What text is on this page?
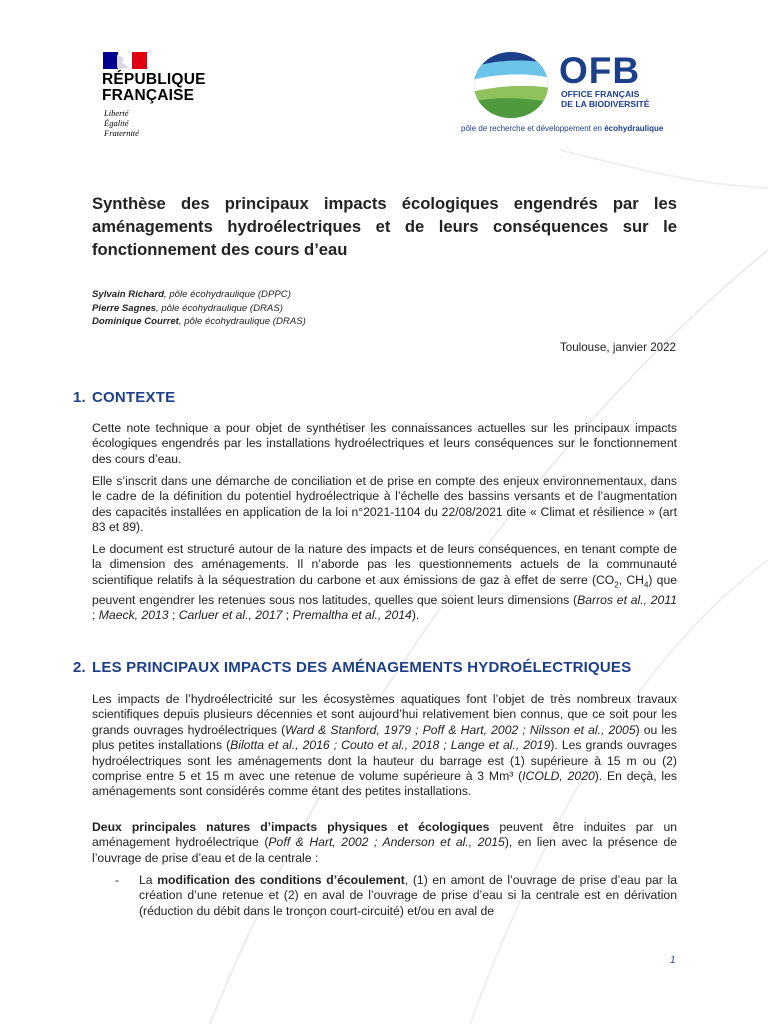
RÉPUBLIQUE
FRANÇAISE
Liberté
Égalité
Fraternité
OFB
OFFICE FRANÇAIS
DE LA BIODIVERSITÉ
pôle de recherche et développement en écohydraulique
Synthèse des principaux impacts écologiques engendrés par les aménagements hydroélectriques et de leurs conséquences sur le fonctionnement des cours d’eau
Sylvain Richard, pôle écohydraulique (DPPC)
Pierre Sagnes, pôle écohydraulique (DRAS)
Dominique Courret, pôle écohydraulique (DRAS)
Toulouse, janvier 2022
1. CONTEXTE
Cette note technique a pour objet de synthétiser les connaissances actuelles sur les principaux impacts écologiques engendrés par les installations hydroélectriques et leurs conséquences sur le fonctionnement des cours d’eau.
Elle s’inscrit dans une démarche de conciliation et de prise en compte des enjeux environnementaux, dans le cadre de la définition du potentiel hydroélectrique à l’échelle des bassins versants et de l’augmentation des capacités installées en application de la loi n°2021-1104 du 22/08/2021 dite « Climat et résilience » (art 83 et 89).
Le document est structuré autour de la nature des impacts et de leurs conséquences, en tenant compte de la dimension des aménagements. Il n’aborde pas les questionnements actuels de la communauté scientifique relatifs à la séquestration du carbone et aux émissions de gaz à effet de serre ($CO_2$, $CH_4$) que peuvent engendrer les retenues sous nos latitudes, quelles que soient leurs dimensions (Barros et al., 2011 ; Maeck, 2013 ; Carluer et al., 2017 ; Premaltha et al., 2014).
2. LES PRINCIPAUX IMPACTS DES AMÉNAGEMENTS HYDROÉLECTRIQUES
Les impacts de l’hydroélectricité sur les écosystèmes aquatiques font l’objet de très nombreux travaux scientifiques depuis plusieurs décennies et sont aujourd’hui relativement bien connus, que ce soit pour les grands ouvrages hydroélectriques (Ward & Stanford, 1979 ; Poff & Hart, 2002 ; Nilsson et al., 2005) ou les plus petites installations (Bilotta et al., 2016 ; Couto et al., 2018 ; Lange et al., 2019). Les grands ouvrages hydroélectriques sont les aménagements dont la hauteur du barrage est (1) supérieure à 15 m ou (2) comprise entre 5 et 15 m avec une retenue de volume supérieure à 3 Mm³ (ICOLD, 2020). En deçà, les aménagements sont considérés comme étant des petites installations.
Deux principales natures d’impacts physiques et écologiques peuvent être induites par un aménagement hydroélectrique (Poff & Hart, 2002 ; Anderson et al., 2015), en lien avec la présence de l’ouvrage de prise d’eau et de la centrale :
- La modification des conditions d’écoulement, (1) en amont de l’ouvrage de prise d’eau par la création d’une retenue et (2) en aval de l’ouvrage de prise d’eau si la centrale est en dérivation (réduction du débit dans le tronçon court-circuité) et/ou en aval de
1
